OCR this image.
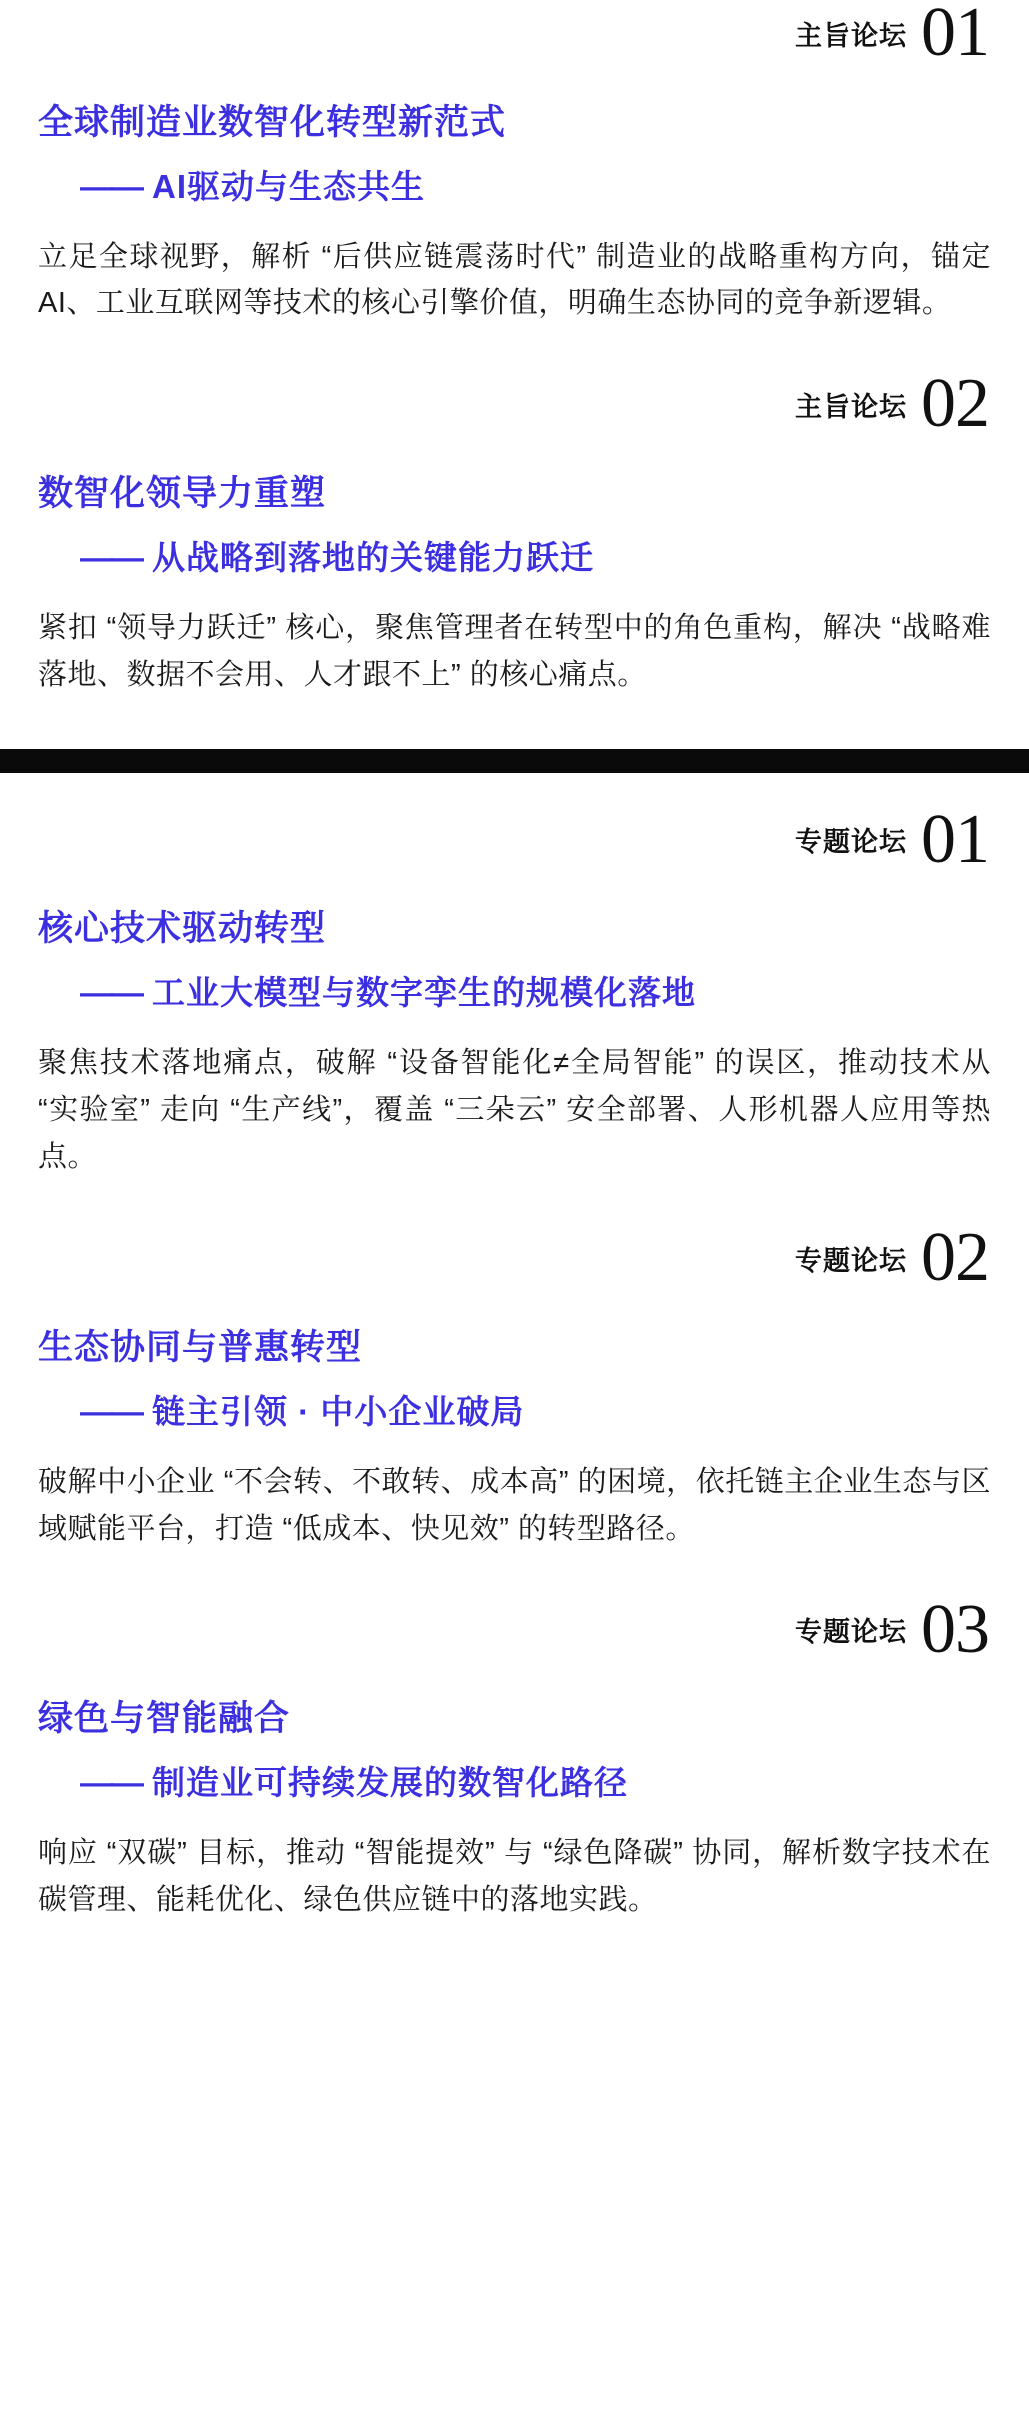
主旨论坛 01
全球制造业数智化转型新范式
—— AI驱动与生态共生
立足全球视野，解析 “后供应链震荡时代” 制造业的战略重构方向，锚定 AI、工业互联网等技术的核心引擎价值，明确生态协同的竞争新逻辑。
主旨论坛 02
数智化领导力重塑
—— 从战略到落地的关键能力跃迁
紧扣 “领导力跃迁” 核心，聚焦管理者在转型中的角色重构，解决 “战略难落地、数据不会用、人才跟不上” 的核心痛点。
专题论坛 01
核心技术驱动转型
—— 工业大模型与数字孪生的规模化落地
聚焦技术落地痛点，破解 “设备智能化≠全局智能” 的误区，推动技术从 “实验室” 走向 “生产线”，覆盖 “三朵云” 安全部署、人形机器人应用等热点。
专题论坛 02
生态协同与普惠转型
—— 链主引领 · 中小企业破局
破解中小企业 “不会转、不敢转、成本高” 的困境，依托链主企业生态与区域赋能平台，打造 “低成本、快见效” 的转型路径。
专题论坛 03
绿色与智能融合
—— 制造业可持续发展的数智化路径
响应 “双碳” 目标，推动 “智能提效” 与 “绿色降碳” 协同，解析数字技术在碳管理、能耗优化、绿色供应链中的落地实践。
